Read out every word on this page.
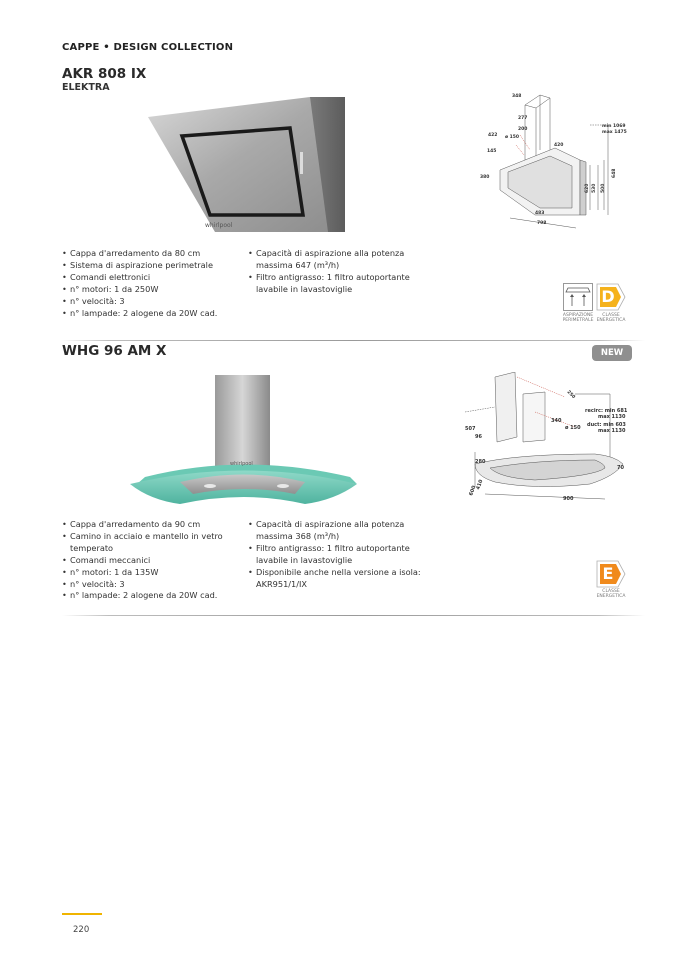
CAPPE • DESIGN COLLECTION
AKR 808 IX
ELEKTRA
whirlpool
348
277
200
422 ø 150
420
145
380
min 1069
max 1475
620 530 500
648
483
798
• Cappa d'arredamento da 80 cm
• Sistema di aspirazione perimetrale
• Comandi elettronici
• n° motori: 1 da 250W
• n° velocità: 3
• n° lampade: 2 alogene da 20W cad.
• Capacità di aspirazione alla potenza massima 647 (m³/h)
• Filtro antigrasso: 1 filtro autoportante lavabile in lavastoviglie
ASPIRAZIONE PERIMETRALE
D
CLASSE ENERGETICA
WHG 96 AM X	NEW
whirlpool
250
recirc: min 681
max 1130
duct: min 603
max 1130
507
340
ø 150
96
280
70
410
600
900
• Cappa d'arredamento da 90 cm
• Camino in acciaio e mantello in vetro temperato
• Comandi meccanici
• n° motori: 1 da 135W
• n° velocità: 3
• n° lampade: 2 alogene da 20W cad.
• Capacità di aspirazione alla potenza massima 368 (m³/h)
• Filtro antigrasso: 1 filtro autoportante lavabile in lavastoviglie
• Disponibile anche nella versione a isola: AKR951/1/IX
E
CLASSE ENERGETICA
220
